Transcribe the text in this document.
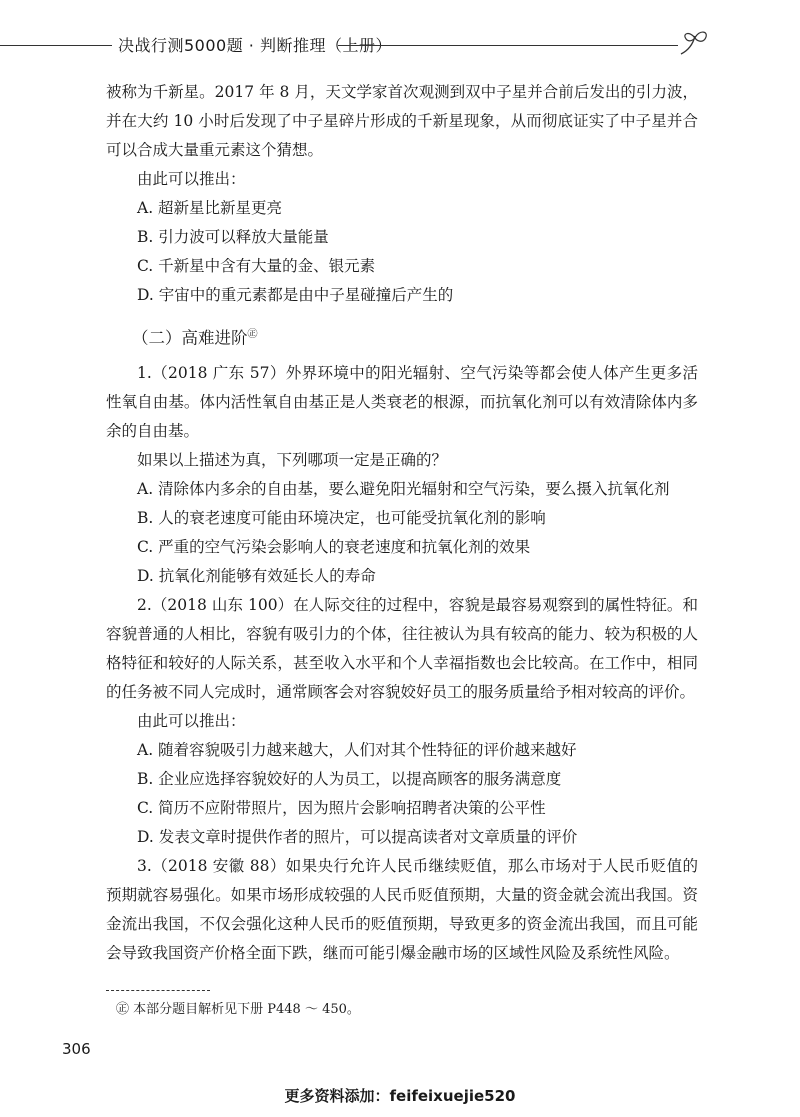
决战行测5000题 · 判断推理（上册）

被称为千新星。2017 年 8 月，天文学家首次观测到双中子星并合前后发出的引力波，并在大约 10 小时后发现了中子星碎片形成的千新星现象，从而彻底证实了中子星并合可以合成大量重元素这个猜想。

由此可以推出：

A. 超新星比新星更亮

B. 引力波可以释放大量能量

C. 千新星中含有大量的金、银元素

D. 宇宙中的重元素都是由中子星碰撞后产生的

（二）高难进阶㊣

1.（2018 广东 57）外界环境中的阳光辐射、空气污染等都会使人体产生更多活性氧自由基。体内活性氧自由基正是人类衰老的根源，而抗氧化剂可以有效清除体内多余的自由基。

如果以上描述为真，下列哪项一定是正确的？

A. 清除体内多余的自由基，要么避免阳光辐射和空气污染，要么摄入抗氧化剂

B. 人的衰老速度可能由环境决定，也可能受抗氧化剂的影响

C. 严重的空气污染会影响人的衰老速度和抗氧化剂的效果

D. 抗氧化剂能够有效延长人的寿命

2.（2018 山东 100）在人际交往的过程中，容貌是最容易观察到的属性特征。和容貌普通的人相比，容貌有吸引力的个体，往往被认为具有较高的能力、较为积极的人格特征和较好的人际关系，甚至收入水平和个人幸福指数也会比较高。在工作中，相同的任务被不同人完成时，通常顾客会对容貌姣好员工的服务质量给予相对较高的评价。

由此可以推出：

A. 随着容貌吸引力越来越大，人们对其个性特征的评价越来越好

B. 企业应选择容貌姣好的人为员工，以提高顾客的服务满意度

C. 简历不应附带照片，因为照片会影响招聘者决策的公平性

D. 发表文章时提供作者的照片，可以提高读者对文章质量的评价

3.（2018 安徽 88）如果央行允许人民币继续贬值，那么市场对于人民币贬值的预期就容易强化。如果市场形成较强的人民币贬值预期，大量的资金就会流出我国。资金流出我国，不仅会强化这种人民币的贬值预期，导致更多的资金流出我国，而且可能会导致我国资产价格全面下跌，继而可能引爆金融市场的区域性风险及系统性风险。

㊣ 本部分题目解析见下册 P448 ～ 450。
306
更多资料添加：feifeixuejie520
